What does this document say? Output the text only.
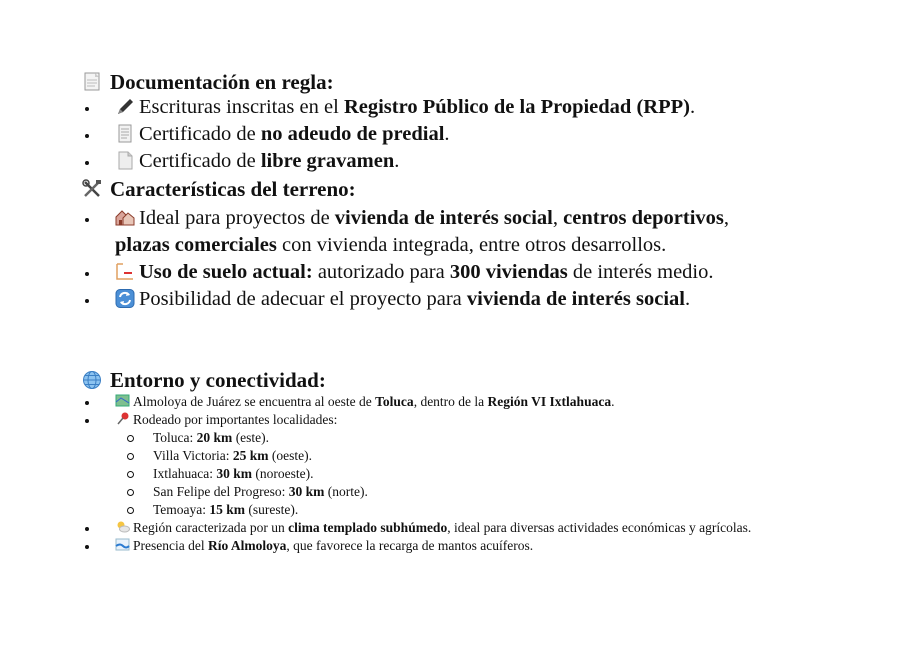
Documentación en regla:
Escrituras inscritas en el Registro Público de la Propiedad (RPP).
Certificado de no adeudo de predial.
Certificado de libre gravamen.
Características del terreno:
Ideal para proyectos de vivienda de interés social, centros deportivos, plazas comerciales con vivienda integrada, entre otros desarrollos.
Uso de suelo actual: autorizado para 300 viviendas de interés medio.
Posibilidad de adecuar el proyecto para vivienda de interés social.
Entorno y conectividad:
Almoloya de Juárez se encuentra al oeste de Toluca, dentro de la Región VI Ixtlahuaca.
Rodeado por importantes localidades:
Toluca: 20 km (este).
Villa Victoria: 25 km (oeste).
Ixtlahuaca: 30 km (noroeste).
San Felipe del Progreso: 30 km (norte).
Temoaya: 15 km (sureste).
Región caracterizada por un clima templado subhúmedo, ideal para diversas actividades económicas y agrícolas.
Presencia del Río Almoloya, que favorece la recarga de mantos acuíferos.
